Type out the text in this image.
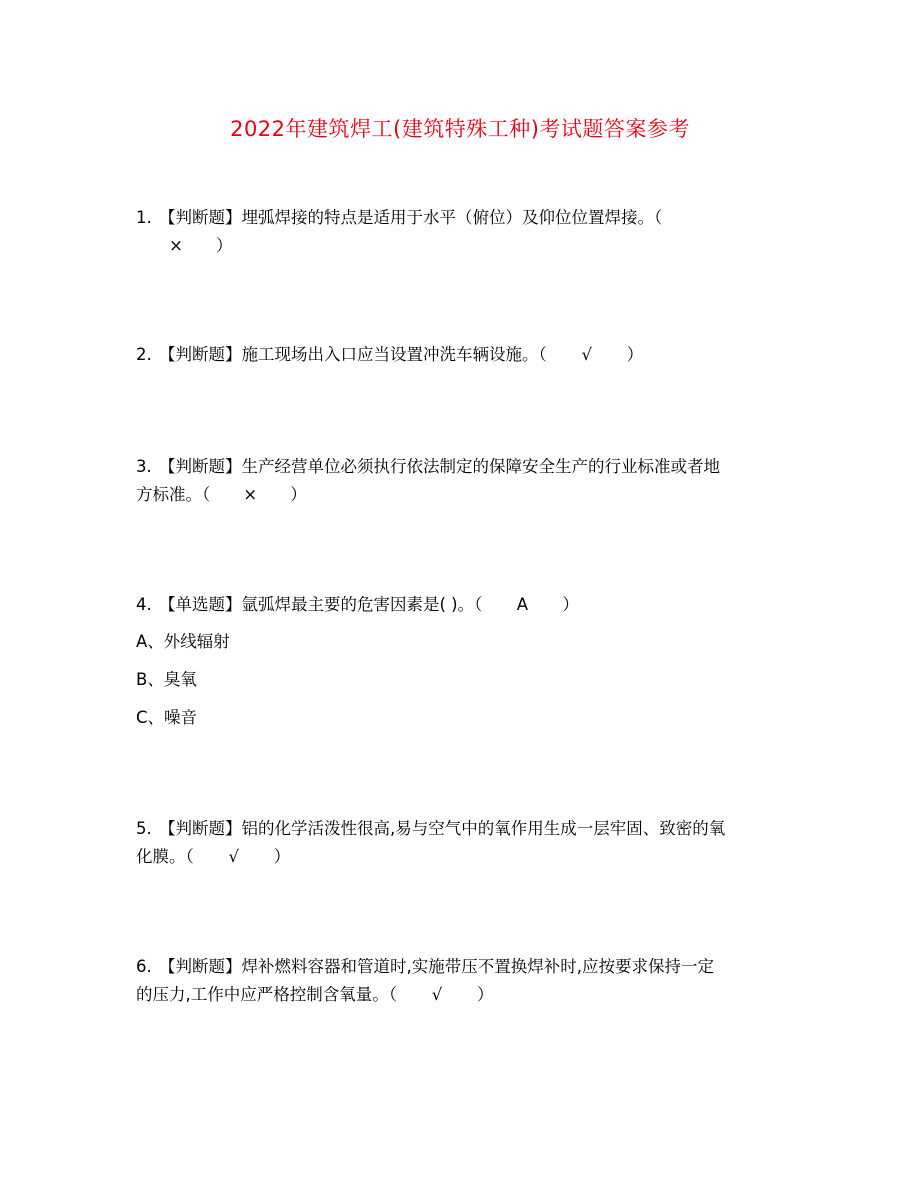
2022年建筑焊工(建筑特殊工种)考试题答案参考
1. 【判断题】埋弧焊接的特点是适用于水平（俯位）及仰位位置焊接。（
× ）
2. 【判断题】施工现场出入口应当设置冲洗车辆设施。（ √ ）
3. 【判断题】生产经营单位必须执行依法制定的保障安全生产的行业标准或者地
方标准。（ × ）
4. 【单选题】氩弧焊最主要的危害因素是( )。（ A ）
A、外线辐射
B、臭氧
C、噪音
5. 【判断题】铝的化学活泼性很高,易与空气中的氧作用生成一层牢固、致密的氧
化膜。（ √ ）
6. 【判断题】焊补燃料容器和管道时,实施带压不置换焊补时,应按要求保持一定
的压力,工作中应严格控制含氧量。（ √ ）
